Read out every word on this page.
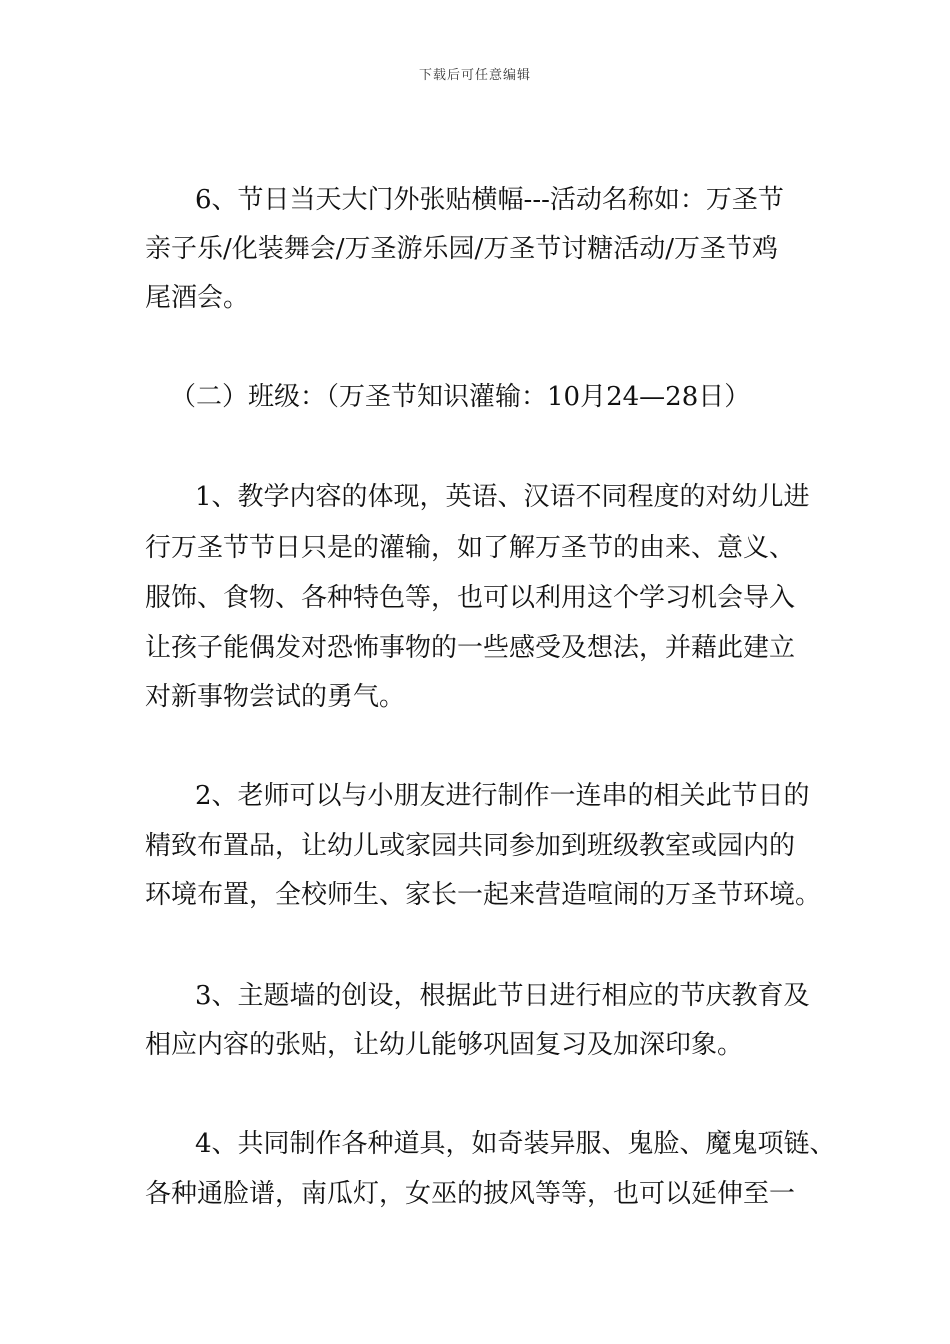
下载后可任意编辑
6、节日当天大门外张贴横幅---活动名称如：万圣节
亲子乐/化装舞会/万圣游乐园/万圣节讨糖活动/万圣节鸡
尾酒会。
（二）班级：（万圣节知识灌输：10月24—28日）
1、教学内容的体现，英语、汉语不同程度的对幼儿进
行万圣节节日只是的灌输，如了解万圣节的由来、意义、
服饰、食物、各种特色等，也可以利用这个学习机会导入
让孩子能偶发对恐怖事物的一些感受及想法，并藉此建立
对新事物尝试的勇气。
2、老师可以与小朋友进行制作一连串的相关此节日的
精致布置品，让幼儿或家园共同参加到班级教室或园内的
环境布置，全校师生、家长一起来营造喧闹的万圣节环境。
3、主题墙的创设，根据此节日进行相应的节庆教育及
相应内容的张贴，让幼儿能够巩固复习及加深印象。
4、共同制作各种道具，如奇装异服、鬼脸、魔鬼项链、
各种通脸谱，南瓜灯，女巫的披风等等，也可以延伸至一
